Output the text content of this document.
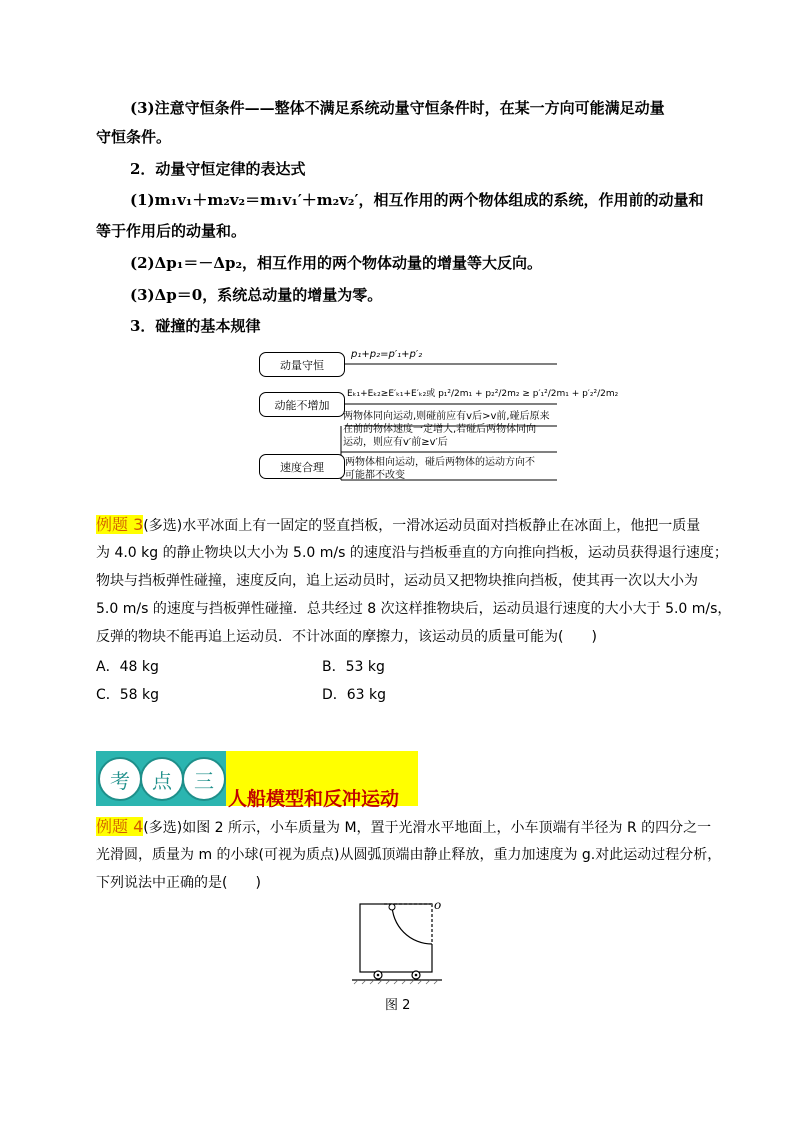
(3)注意守恒条件——整体不满足系统动量守恒条件时，在某一方向可能满足动量
守恒条件。
2．动量守恒定律的表达式
(1)m₁v₁＋m₂v₂＝m₁v₁′＋m₂v₂′，相互作用的两个物体组成的系统，作用前的动量和
等于作用后的动量和。
(2)Δp₁＝－Δp₂，相互作用的两个物体动量的增量等大反向。
(3)Δp＝0，系统总动量的增量为零。
3．碰撞的基本规律
动量守恒
p₁+p₂=p′₁+p′₂
动能不增加
Eₖ₁+Eₖ₂≥E′ₖ₁+E′ₖ₂或 p₁²/2m₁ + p₂²/2m₂ ≥ p′₁²/2m₁ + p′₂²/2m₂
两物体同向运动,则碰前应有v后>v前,碰后原来
在前的物体速度一定增大,若碰后两物体同向
运动，则应有v′前≥v′后
速度合理	两物体相向运动，碰后两物体的运动方向不
可能都不改变
例题 3(多选)水平冰面上有一固定的竖直挡板，一滑冰运动员面对挡板静止在冰面上，他把一质量
为 4.0 kg 的静止物块以大小为 5.0 m/s 的速度沿与挡板垂直的方向推向挡板，运动员获得退行速度；
物块与挡板弹性碰撞，速度反向，追上运动员时，运动员又把物块推向挡板，使其再一次以大小为
5.0 m/s 的速度与挡板弹性碰撞．总共经过 8 次这样推物块后，运动员退行速度的大小大于 5.0 m/s，
反弹的物块不能再追上运动员．不计冰面的摩擦力，该运动员的质量可能为(　　)
A．48 kg	B．53 kg
C．58 kg	D．63 kg
考	点	三
人船模型和反冲运动
例题 4(多选)如图 2 所示，小车质量为 M，置于光滑水平地面上，小车顶端有半径为 R 的四分之一
光滑圆，质量为 m 的小球(可视为质点)从圆弧顶端由静止释放，重力加速度为 g.对此运动过程分析，
下列说法中正确的是(　　)
o
图 2
